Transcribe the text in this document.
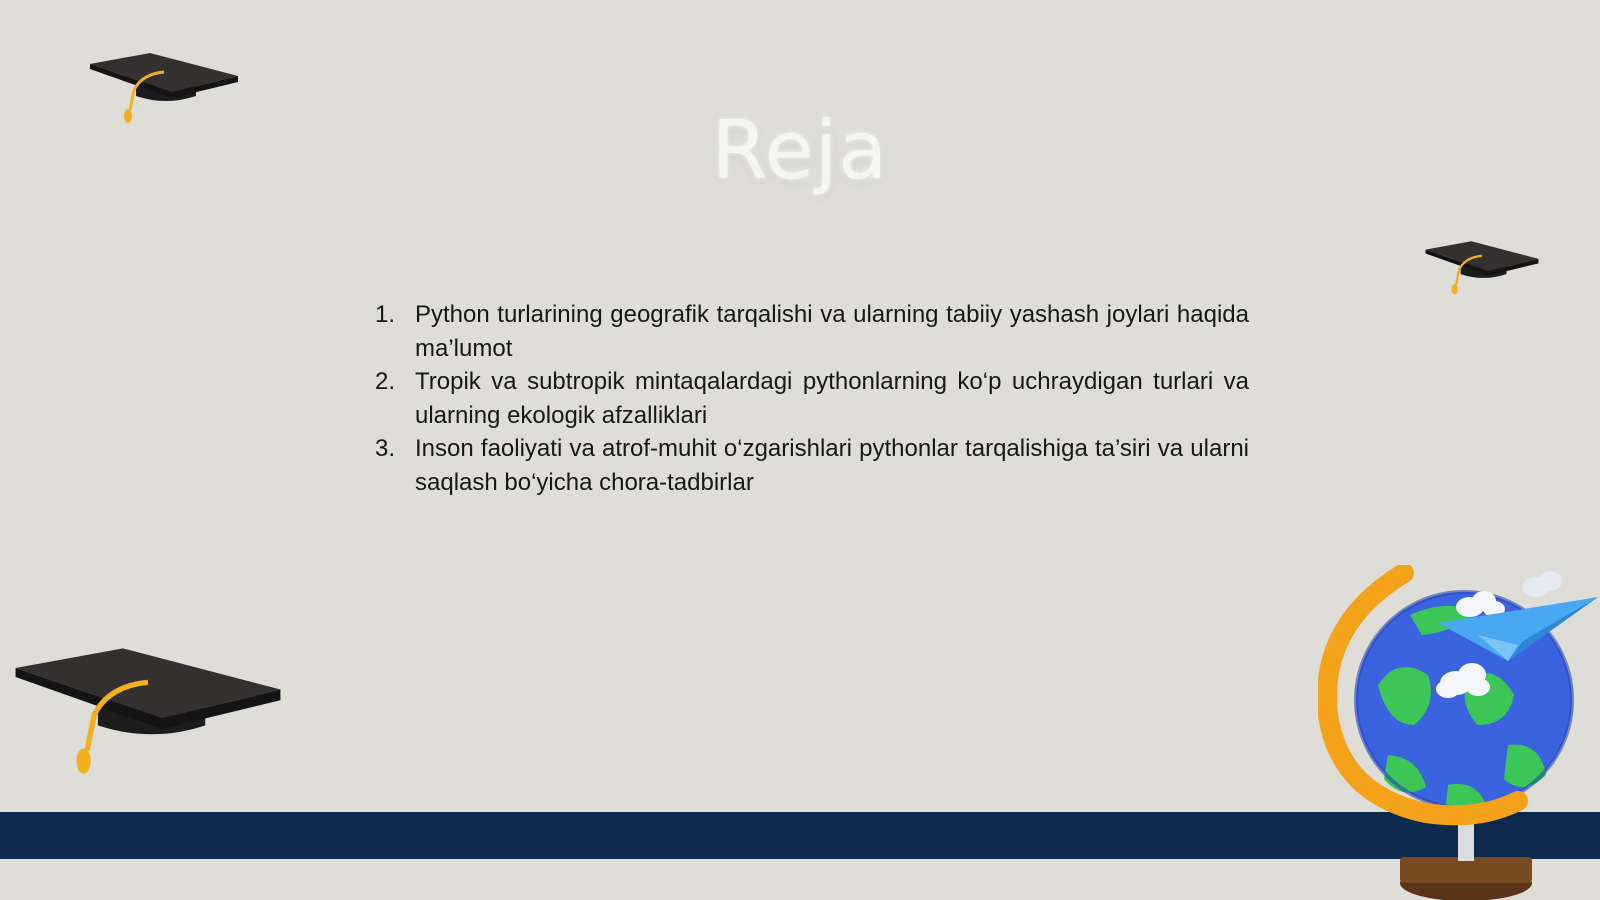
Reja
1. Python turlarining geografik tarqalishi va ularning tabiiy yashash joylari haqida ma’lumot
2. Tropik va subtropik mintaqalardagi pythonlarning ko‘p uchraydigan turlari va ularning ekologik afzalliklari
3. Inson faoliyati va atrof-muhit o‘zgarishlari pythonlar tarqalishiga ta’siri va ularni saqlash bo‘yicha chora-tadbirlar
